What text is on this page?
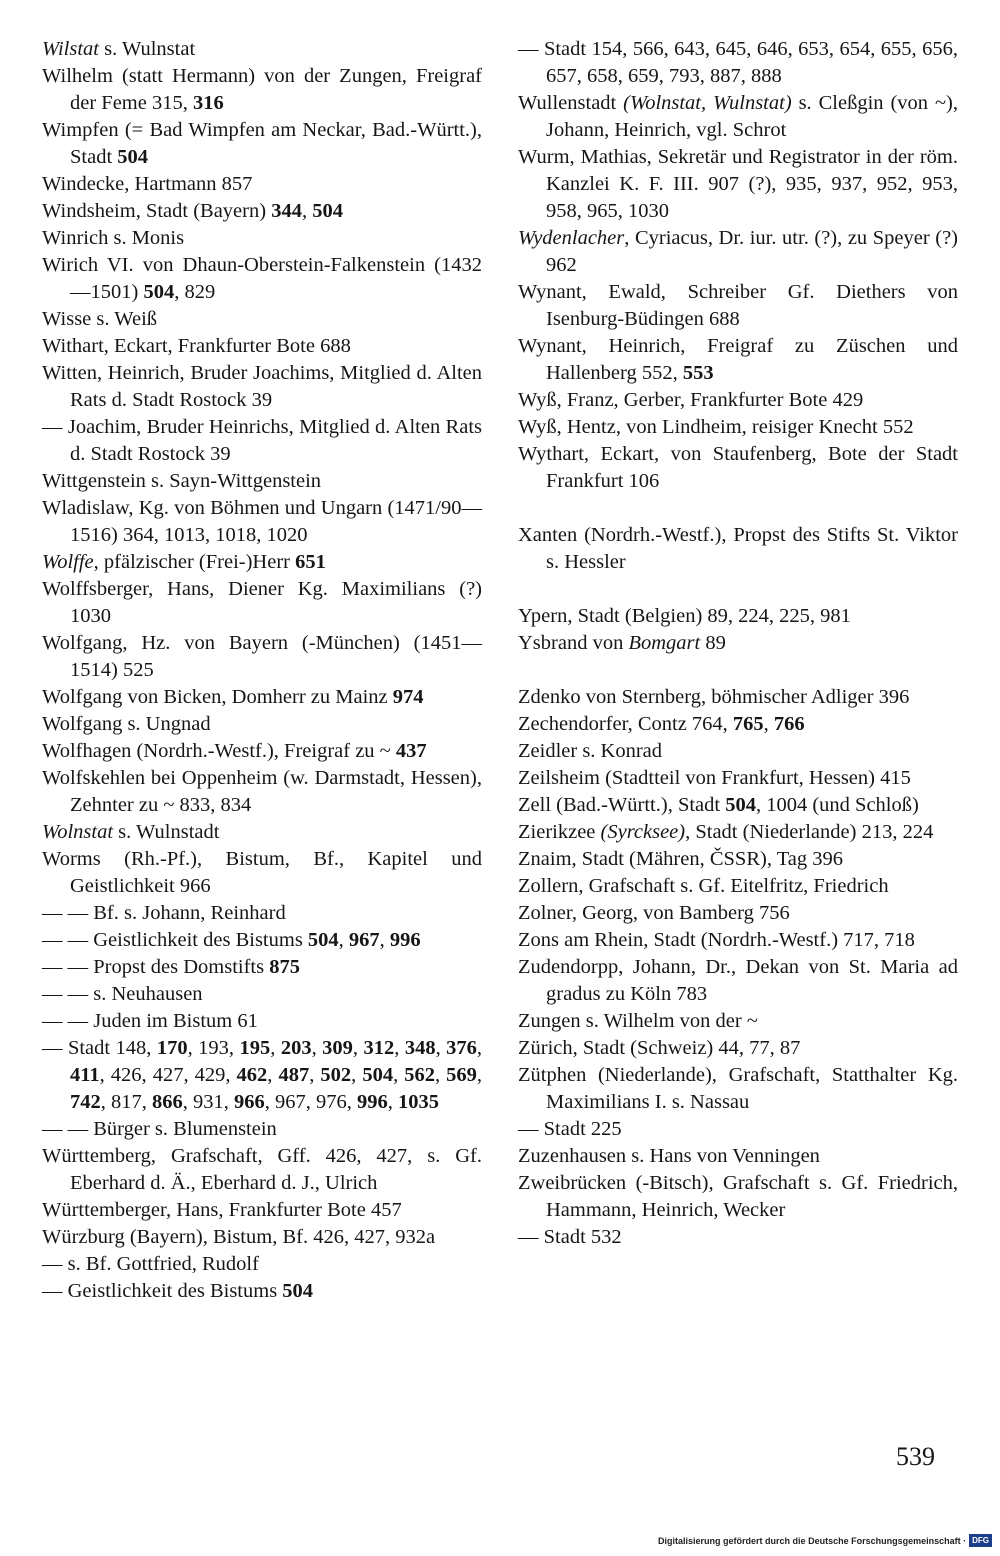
Wilstat s. Wulnstat
Wilhelm (statt Hermann) von der Zungen, Freigraf der Feme 315, 316
Wimpfen (= Bad Wimpfen am Neckar, Bad.-Württ.), Stadt 504
Windecke, Hartmann 857
Windsheim, Stadt (Bayern) 344, 504
Winrich s. Monis
Wirich VI. von Dhaun-Oberstein-Falkenstein (1432—1501) 504, 829
Wisse s. Weiß
Withart, Eckart, Frankfurter Bote 688
Witten, Heinrich, Bruder Joachims, Mitglied d. Alten Rats d. Stadt Rostock 39
— Joachim, Bruder Heinrichs, Mitglied d. Alten Rats d. Stadt Rostock 39
Wittgenstein s. Sayn-Wittgenstein
Wladislaw, Kg. von Böhmen und Ungarn (1471/90—1516) 364, 1013, 1018, 1020
Wolffe, pfälzischer (Frei-)Herr 651
Wolffsberger, Hans, Diener Kg. Maximilians (?) 1030
Wolfgang, Hz. von Bayern (-München) (1451—1514) 525
Wolfgang von Bicken, Domherr zu Mainz 974
Wolfgang s. Ungnad
Wolfhagen (Nordrh.-Westf.), Freigraf zu ~ 437
Wolfskehlen bei Oppenheim (w. Darmstadt, Hessen), Zehnter zu ~ 833, 834
Wolnstat s. Wulnstadt
Worms (Rh.-Pf.), Bistum, Bf., Kapitel und Geistlichkeit 966
— — Bf. s. Johann, Reinhard
— — Geistlichkeit des Bistums 504, 967, 996
— — Propst des Domstifts 875
— — s. Neuhausen
— — Juden im Bistum 61
— Stadt 148, 170, 193, 195, 203, 309, 312, 348, 376, 411, 426, 427, 429, 462, 487, 502, 504, 562, 569, 742, 817, 866, 931, 966, 967, 976, 996, 1035
— — Bürger s. Blumenstein
Württemberg, Grafschaft, Gff. 426, 427, s. Gf. Eberhard d. Ä., Eberhard d. J., Ulrich
Württemberger, Hans, Frankfurter Bote 457
Würzburg (Bayern), Bistum, Bf. 426, 427, 932a
— s. Bf. Gottfried, Rudolf
— Geistlichkeit des Bistums 504
— Stadt 154, 566, 643, 645, 646, 653, 654, 655, 656, 657, 658, 659, 793, 887, 888
Wullenstadt (Wolnstat, Wulnstat) s. Cleßgin (von ~), Johann, Heinrich, vgl. Schrot
Wurm, Mathias, Sekretär und Registrator in der röm. Kanzlei K. F. III. 907 (?), 935, 937, 952, 953, 958, 965, 1030
Wydenlacher, Cyriacus, Dr. iur. utr. (?), zu Speyer (?) 962
Wynant, Ewald, Schreiber Gf. Diethers von Isenburg-Büdingen 688
Wynant, Heinrich, Freigraf zu Züschen und Hallenberg 552, 553
Wyß, Franz, Gerber, Frankfurter Bote 429
Wyß, Hentz, von Lindheim, reisiger Knecht 552
Wythart, Eckart, von Staufenberg, Bote der Stadt Frankfurt 106
Xanten (Nordrh.-Westf.), Propst des Stifts St. Viktor s. Hessler
Ypern, Stadt (Belgien) 89, 224, 225, 981
Ysbrand von Bomgart 89
Zdenko von Sternberg, böhmischer Adliger 396
Zechendorfer, Contz 764, 765, 766
Zeidler s. Konrad
Zeilsheim (Stadtteil von Frankfurt, Hessen) 415
Zell (Bad.-Württ.), Stadt 504, 1004 (und Schloß)
Zierikzee (Syrcksee), Stadt (Niederlande) 213, 224
Znaim, Stadt (Mähren, ČSSR), Tag 396
Zollern, Grafschaft s. Gf. Eitelfritz, Friedrich
Zolner, Georg, von Bamberg 756
Zons am Rhein, Stadt (Nordrh.-Westf.) 717, 718
Zudendorpp, Johann, Dr., Dekan von St. Maria ad gradus zu Köln 783
Zungen s. Wilhelm von der ~
Zürich, Stadt (Schweiz) 44, 77, 87
Zütphen (Niederlande), Grafschaft, Statthalter Kg. Maximilians I. s. Nassau
— Stadt 225
Zuzenhausen s. Hans von Venningen
Zweibrücken (-Bitsch), Grafschaft s. Gf. Friedrich, Hammann, Heinrich, Wecker
— Stadt 532
539
Digitalisierung gefördert durch die Deutsche Forschungsgemeinschaft · DFG
